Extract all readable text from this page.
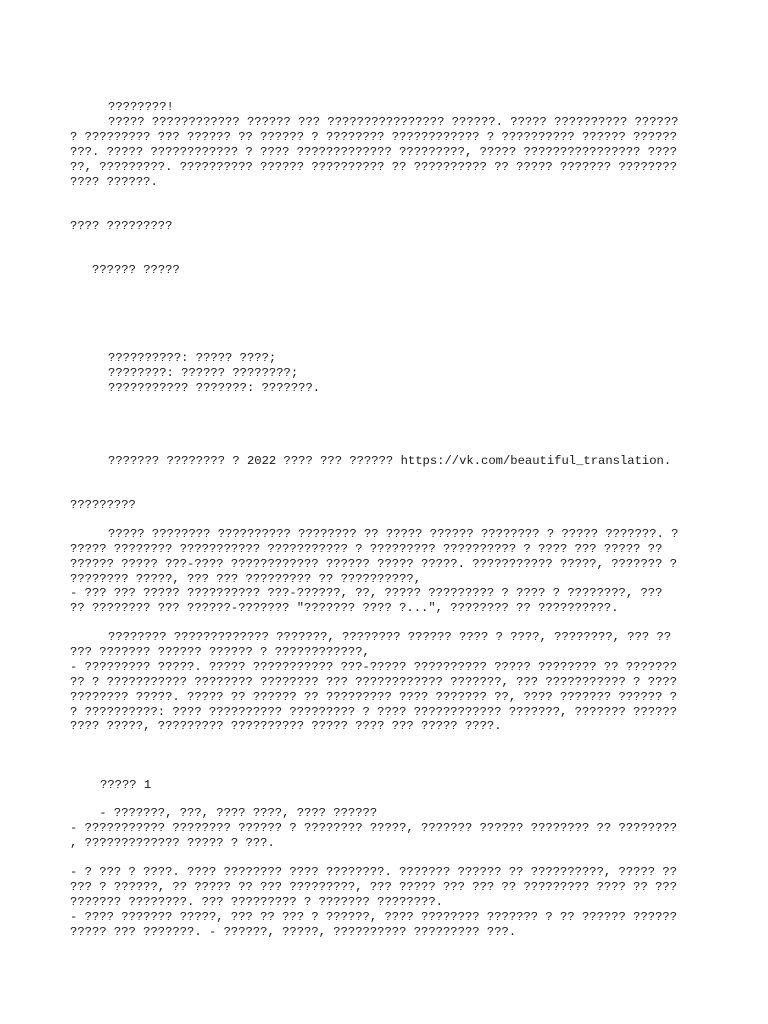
????????!
????? ???????????? ?????? ??? ???????????????? ??????. ????? ?????????? ??????
? ????????? ??? ?????? ?? ?????? ? ???????? ???????????? ? ?????????? ?????? ??????
???. ????? ???????????? ? ???? ????????????? ?????????, ????? ???????????????? ????
??, ?????????. ?????????? ?????? ?????????? ?? ?????????? ?? ????? ??????? ????????
???? ??????.
???? ?????????
?????? ?????
??????????: ????? ????;
????????: ?????? ????????;
??????????? ???????: ???????.
??????? ???????? ? 2022 ???? ??? ?????? https://vk.com/beautiful_translation.
?????????
????? ???????? ?????????? ???????? ?? ????? ?????? ???????? ? ????? ???????. ?
????? ???????? ??????????? ??????????? ? ????????? ?????????? ? ???? ??? ????? ??
?????? ????? ???-???? ???????????? ?????? ????? ?????. ??????????? ?????, ??????? ?
???????? ?????, ??? ??? ????????? ?? ??????????,
- ??? ??? ????? ?????????? ???-??????, ??, ????? ????????? ? ???? ? ????????, ???
?? ???????? ??? ??????-??????? "??????? ???? ?...", ???????? ?? ??????????.
???????? ????????????? ???????, ???????? ?????? ???? ? ????, ????????, ??? ??
??? ??????? ?????? ?????? ? ????????????,
- ????????? ?????. ????? ??????????? ???-????? ?????????? ????? ???????? ?? ???????
?? ? ??????????? ???????? ???????? ??? ???????????? ???????, ??? ??????????? ? ????
???????? ?????. ????? ?? ?????? ?? ????????? ???? ??????? ??, ???? ??????? ?????? ?
? ??????????: ???? ?????????? ????????? ? ???? ???????????? ???????, ??????? ??????
???? ?????, ????????? ?????????? ????? ???? ??? ????? ????.
????? 1
- ???????, ???, ???? ????, ???? ??????
- ??????????? ???????? ?????? ? ???????? ?????, ??????? ?????? ???????? ?? ????????
, ????????????? ????? ? ???.
- ? ??? ? ????. ???? ???????? ???? ????????. ??????? ?????? ?? ??????????, ????? ??
??? ? ??????, ?? ????? ?? ??? ?????????, ??? ????? ??? ??? ?? ????????? ???? ?? ???
??????? ????????. ??? ????????? ? ??????? ????????.
- ???? ??????? ?????, ??? ?? ??? ? ??????, ???? ???????? ??????? ? ?? ?????? ??????
????? ??? ???????. - ??????, ?????, ?????????? ????????? ???.
